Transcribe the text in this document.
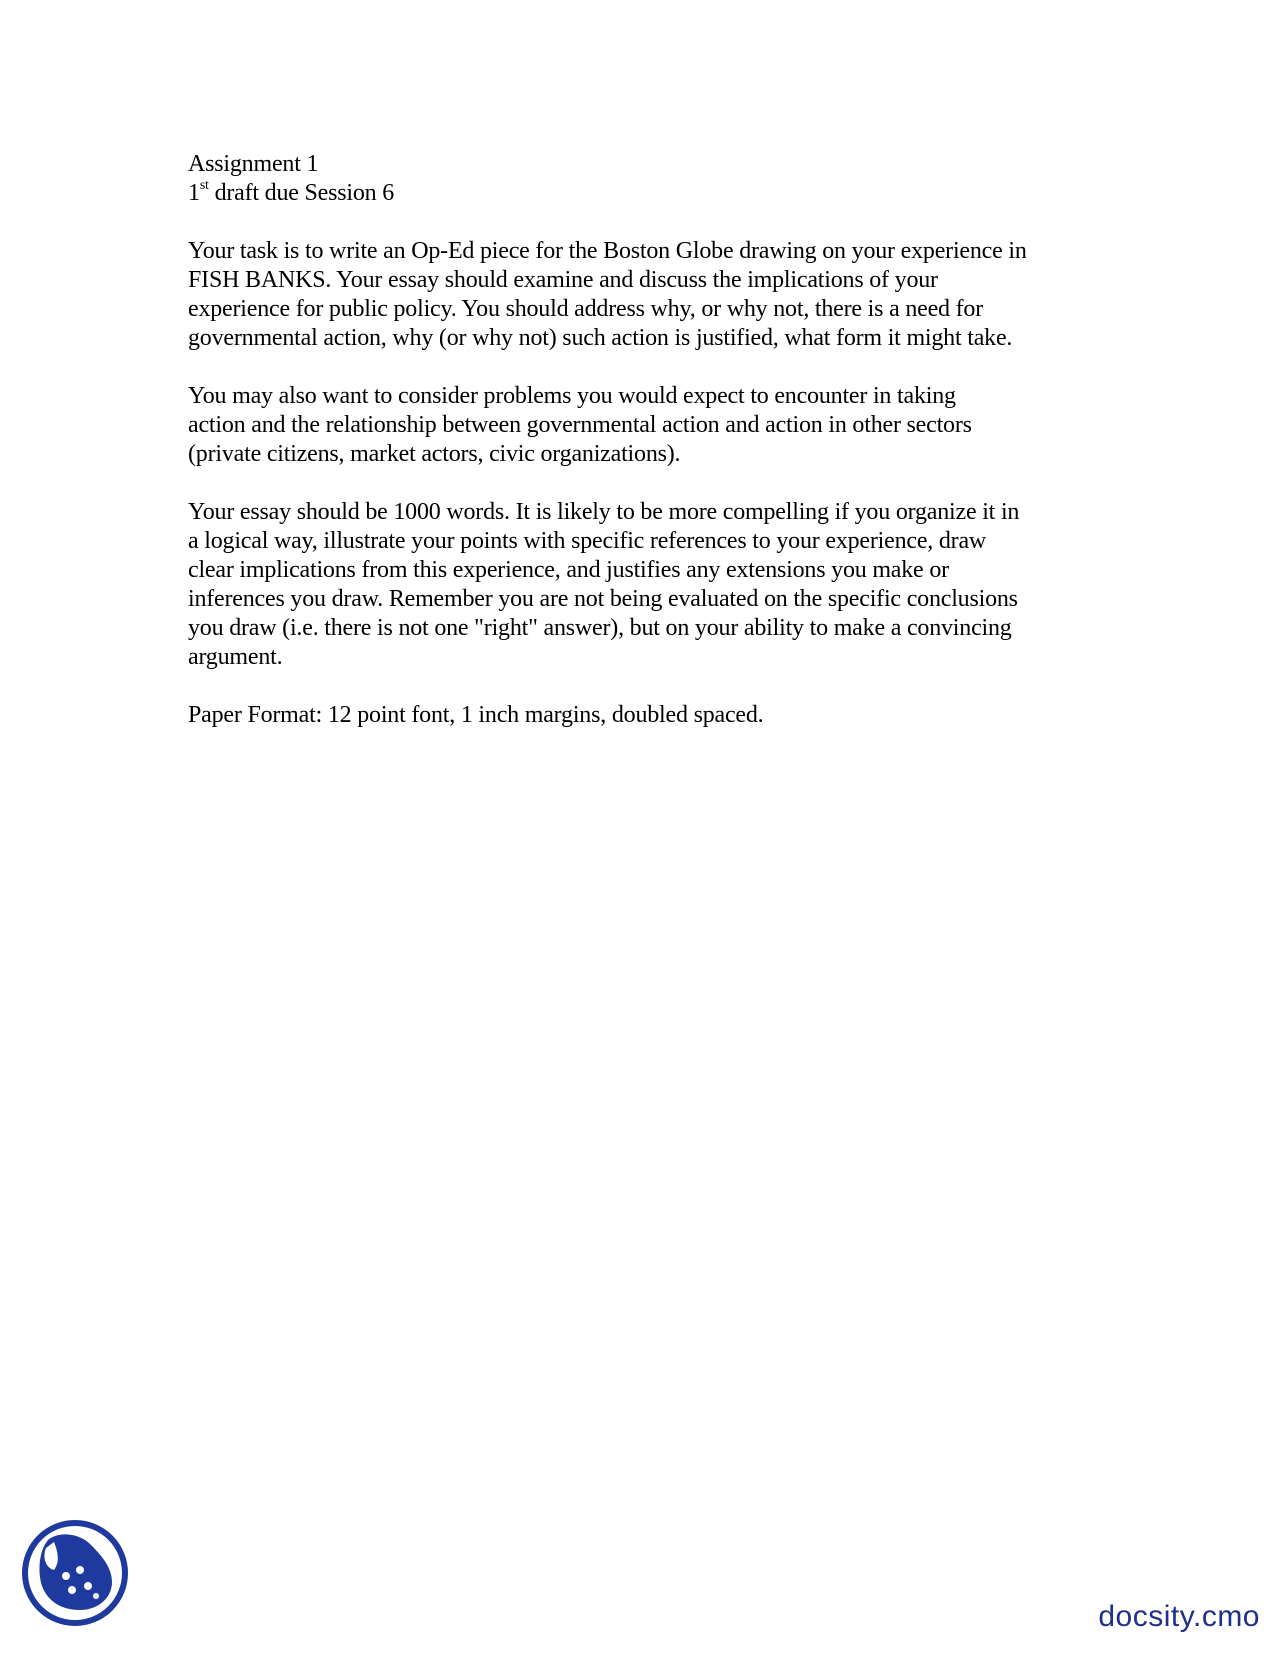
Assignment 1

1st draft due Session 6

Your task is to write an Op-Ed piece for the Boston Globe drawing on your experience in
FISH BANKS. Your essay should examine and discuss the implications of your
experience for public policy. You should address why, or why not, there is a need for
governmental action, why (or why not) such action is justified, what form it might take.

You may also want to consider problems you would expect to encounter in taking
action and the relationship between governmental action and action in other sectors
(private citizens, market actors, civic organizations).

Your essay should be 1000 words. It is likely to be more compelling if you organize it in
a logical way, illustrate your points with specific references to your experience, draw
clear implications from this experience, and justifies any extensions you make or
inferences you draw. Remember you are not being evaluated on the specific conclusions
you draw (i.e. there is not one "right" answer), but on your ability to make a convincing
argument.

Paper Format: 12 point font, 1 inch margins, doubled spaced.

docsity.cmo
